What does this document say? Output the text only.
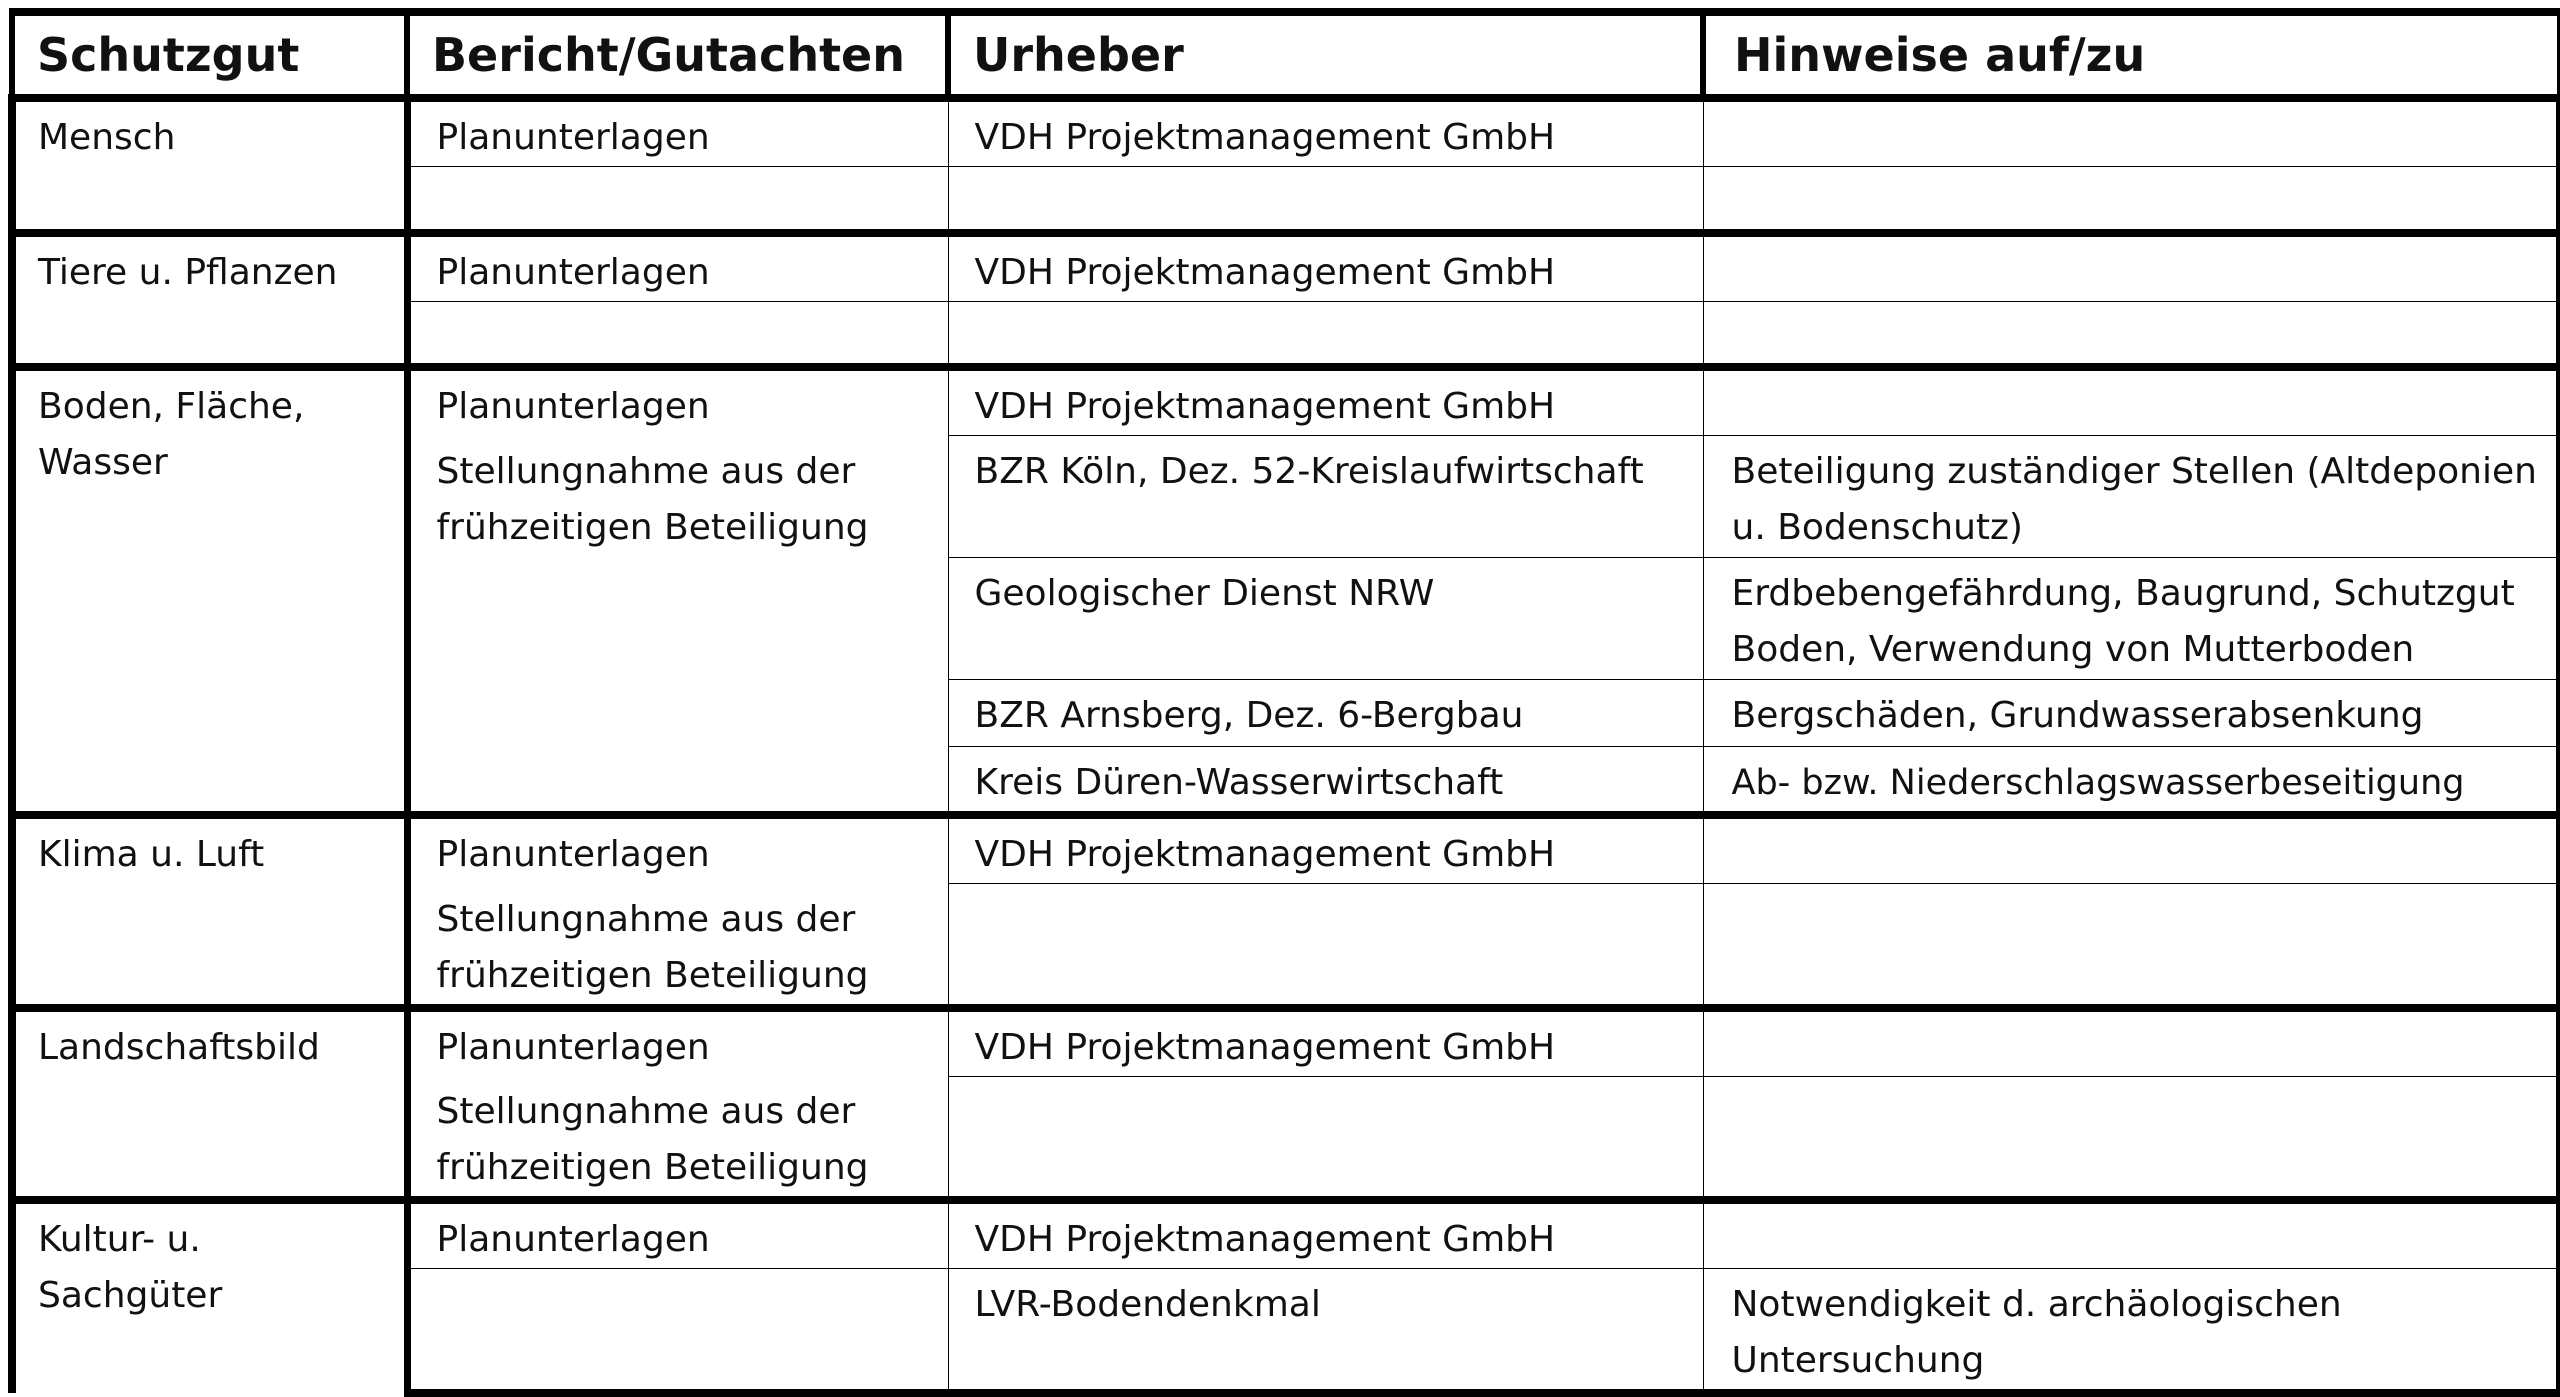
Schutzgut	Bericht/Gutachten	Urheber	Hinweise auf/zu
Mensch	Planunterlagen	VDH Projektmanagement GmbH	

Tiere u. Pflanzen	Planunterlagen	VDH Projektmanagement GmbH	

Boden, Fläche, Wasser	Planunterlagen	VDH Projektmanagement GmbH	
	Stellungnahme aus der frühzeitigen Beteiligung	BZR Köln, Dez. 52-Kreislaufwirtschaft	Beteiligung zuständiger Stellen (Altdeponien u. Bodenschutz)
		Geologischer Dienst NRW	Erdbebengefährdung, Baugrund, Schutzgut Boden, Verwendung von Mutterboden
		BZR Arnsberg, Dez. 6-Bergbau	Bergschäden, Grundwasserabsenkung
		Kreis Düren-Wasserwirtschaft	Ab- bzw. Niederschlagswasserbeseitigung
Klima u. Luft	Planunterlagen	VDH Projektmanagement GmbH	
	Stellungnahme aus der frühzeitigen Beteiligung		
Landschaftsbild	Planunterlagen	VDH Projektmanagement GmbH	
	Stellungnahme aus der frühzeitigen Beteiligung		
Kultur- u. Sachgüter	Planunterlagen	VDH Projektmanagement GmbH	
		LVR-Bodendenkmal	Notwendigkeit d. archäologischen Untersuchung
